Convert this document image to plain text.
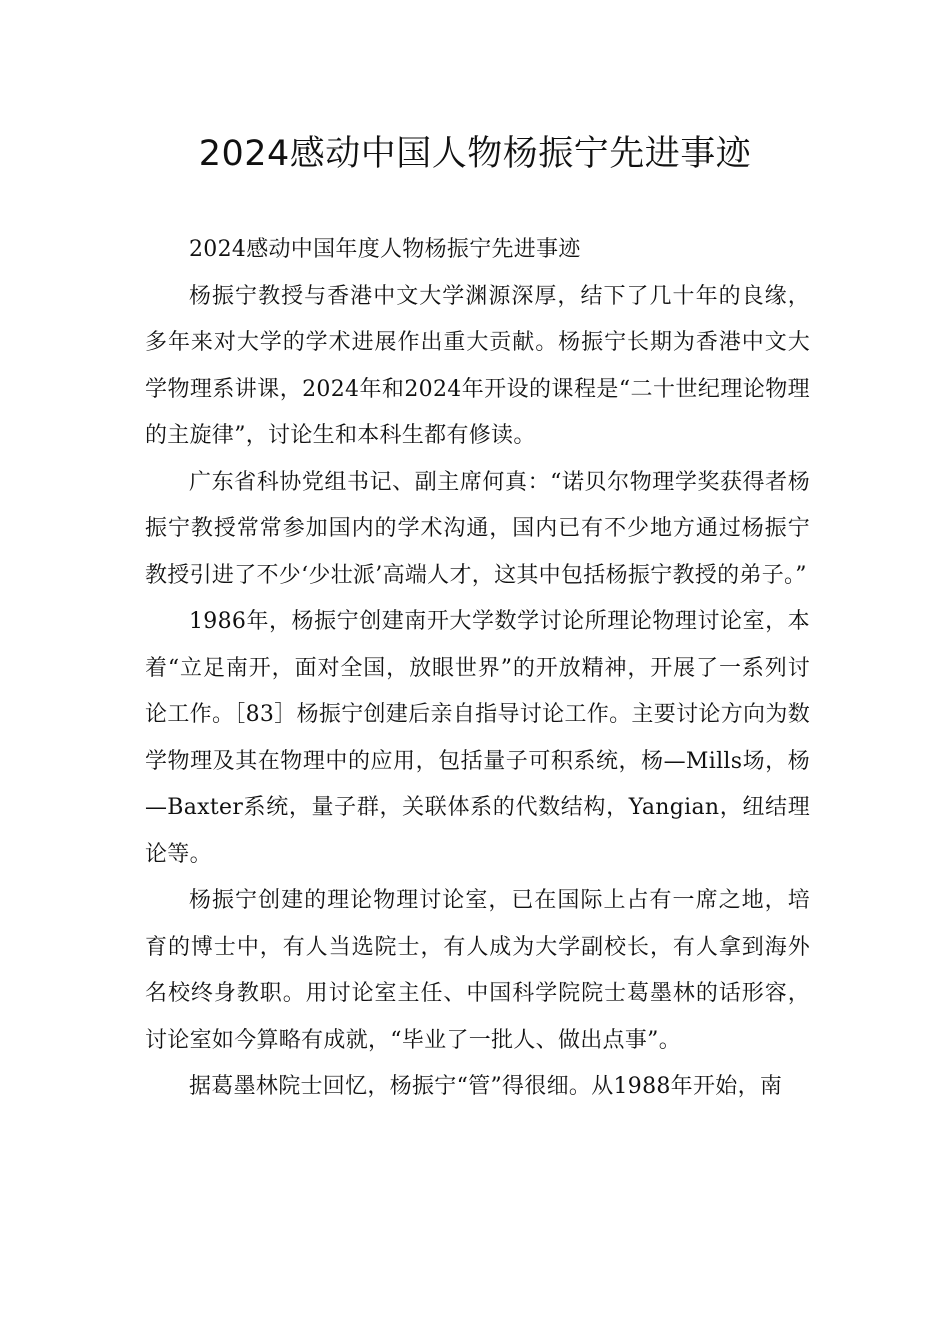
2024感动中国人物杨振宁先进事迹

2024感动中国年度人物杨振宁先进事迹

杨振宁教授与香港中文大学渊源深厚，结下了几十年的良缘，多年来对大学的学术进展作出重大贡献。杨振宁长期为香港中文大学物理系讲课，2024年和2024年开设的课程是“二十世纪理论物理的主旋律”，讨论生和本科生都有修读。

广东省科协党组书记、副主席何真：“诺贝尔物理学奖获得者杨振宁教授常常参加国内的学术沟通，国内已有不少地方通过杨振宁教授引进了不少‘少壮派’高端人才，这其中包括杨振宁教授的弟子。”

1986年，杨振宁创建南开大学数学讨论所理论物理讨论室，本着“立足南开，面对全国，放眼世界”的开放精神，开展了一系列讨论工作。［83］杨振宁创建后亲自指导讨论工作。主要讨论方向为数学物理及其在物理中的应用，包括量子可积系统，杨—Mills场，杨—Baxter系统，量子群，关联体系的代数结构，Yangian，纽结理论等。

杨振宁创建的理论物理讨论室，已在国际上占有一席之地，培育的博士中，有人当选院士，有人成为大学副校长，有人拿到海外名校终身教职。用讨论室主任、中国科学院院士葛墨林的话形容，讨论室如今算略有成就，“毕业了一批人、做出点事”。

据葛墨林院士回忆，杨振宁“管”得很细。从1988年开始，南
